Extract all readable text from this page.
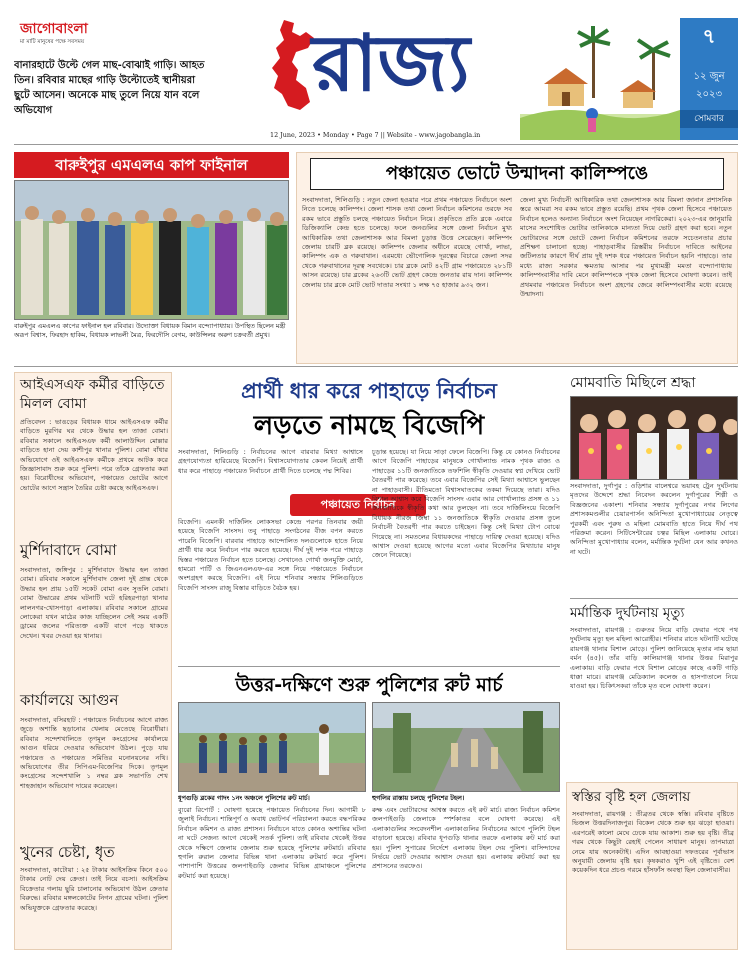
জাগোবাংলা
মা মাটি মানুষের পক্ষে সবসময়
বানারহাটে উল্টে গেল মাছ-বোঝাই গাড়ি। আহত তিন। রবিবার মাছের গাড়ি উল্টোতেই স্থানীয়রা ছুটে আসেন। অনেকে মাছ তুলে নিয়ে যান বলে অভিযোগ
রাজ্য
12 June, 2023 • Monday • Page 7 || Website - www.jagobangla.in
৭
১২ জুন
২০২৩
সোমবার
বারুইপুর এমএলএ কাপ ফাইনাল
বারুইপুর এমএলএ কাপের ফাইনাল হল রবিবার। উদ্যোক্তা বিধায়ক বিমান বন্দ্যোপাধ্যায়। উপস্থিত ছিলেন মন্ত্রী অরূপ বিশ্বাস, ফিরহাদ হাকিম, বিধায়ক লাভলী মৈত্র, ফিরদৌসি বেগম, কাউন্সিলর অরুণ চক্রবর্তী প্রমুখ।
পঞ্চায়েত ভোটে উন্মাদনা কালিম্পঙে
সংবাদদাতা, শিলিগুড়ি : নতুন জেলা হওয়ার পরে প্রথম পঞ্চায়েত নির্বাচনে অংশ নিতে চলেছে কালিম্পং। জেলা শাসক তথা জেলা নির্বাচন কমিশনের তরফে সব রকম ভাবে প্রস্তুতি চলছে পঞ্চায়েত নির্বাচন নিয়ে। প্রকৃতিতে প্রতি ব্লকে এবারে ডিজিক্যালি কেন্দ্র হতে চলেছে। ফলে জনগুলির সঙ্গে জেলা নির্বাচন মুখ্য আধিকারিক তথা জেলাশাসক আর বিমলা চুড়াত্ত উত্তে সেরেছেন। কালিম্পং জেলায় চারটি ব্লক রয়েছে। কালিম্পং জেলার অধীনে রয়েছে গোর্খা, লাভা, কালিম্পং এক ও গরুবাথান। এরমধ্যে ভৌগোলিক দূরত্বের বিচারে জেলা সদর থেকে গরুবাথানের দূরত্ব সবথেকে। চার ব্লকে মোট ৪২টি গ্রাম পঞ্চায়েতে ২৮১টি আসন রয়েছে। চার ব্লকের ২৬৩টি ভোট গ্রহণ কেন্দ্রে জনতার রায় দান। কালিম্পং জেলায় চার ব্লকে মোট ভোট দাতার সংখ্যা ১ লক্ষ ৭৫ হাজার ৯৩২ জন।
জেলা মুখ্য নির্বাচনী আধিকারিক তথা জেলাশাসক আর বিমলা জানান প্রশাসনিক স্তরে আমরা সব রকম ভাবে প্রস্তুত রয়েছি। প্রথম পৃথক জেলা হিসেবে পঞ্চায়েত নির্বাচন হলেও অন্যান্য নির্বাচনে অংশ নিয়েছেন নাগরিকেরা। ২০২৩-এর জানুয়ারি মাসের সংশোধিত ভোটার তালিকাকে মান্যতা দিয়ে ভোট গ্রহণ করা হবে। নতুন ভোটারদের সঙ্গে ভোটে জেলা নির্বাচন কমিশনের তরফে সচেতনতার প্রচার প্রশিক্ষণ চালানো হচ্ছে। পাহাড়বাসীর ত্রিস্তরীয় নির্বাচনে দাবিতে আইনের জটিলতার কারণে দীর্ঘ প্রায় দুই দশক ধরে পঞ্চায়েত নির্বাচন হয়নি পাহাড়ে। তার মধ্যে রাজ্য সরকার ক্ষমতায় আসার পর মুখ্যমন্ত্রী মমতা বন্দ্যোপাধ্যায় কালিম্পংবাসীর দাবি মেনে কালিম্পংকে পৃথক জেলা হিসেবে ঘোষণা করেন। তাই প্রথমবার পঞ্চায়েত নির্বাচনে অংশ গ্রহণের জেরে কালিম্পংবাসীর মধ্যে রয়েছে উন্মাদনা।
আইএসএফ কর্মীর বাড়িতে মিলল বোমা
প্রতিবেদন : ভাঙড়ের বিধায়ক ধামে আইএসএফ কর্মীর বাড়িতে মুরগির ঘর থেকে উদ্ধার হল তাজা বোমা। রবিবার সকালে আইএসএফ কর্মী আলাউদ্দিন মোল্লার বাড়িতে হানা দেয় কাশীপুর থানার পুলিশ। বোমা বাঁধার অভিযোগে ওই আইএসএফ কর্মীকে প্রথমে আটক করে জিজ্ঞাসাবাদ শুরু করে পুলিশ। পরে তাঁকে গ্রেফতার করা হয়। বিরোধীদের অভিযোগ, পঞ্চায়েত ভোটের আগে ভোটের আগে সন্ত্রাস তৈরির চেষ্টা করছে আইএসএফ।
মুর্শিদাবাদে বোমা
সংবাদদাতা, জঙ্গিপুর : মুর্শিদাবাদে উদ্ধার হল তাজা বোমা। রবিবার সকালে মুর্শিদাবাদ জেলা দুই প্রান্ত থেকে উদ্ধার হল প্রায় ১৫টি সকেট বোমা এবং সুতলি বোমা। বোমা উদ্ধারের প্রথম ঘটনাটি ঘটে হরিহরপাড়া থানার লালনগর-খোসপাড়া এলাকায়। রবিবার সকালে গ্রামের লোকেরা যখন মাঠের কাজ যাচ্ছিলেন সেই সময় একটি ড্রামের জলের পরিত্যক্ত একটি বাগে পড়ে থাকতে দেখেন। খবর দেওয়া হয় থানায়।
কার্যালয়ে আগুন
সংবাদদাতা, বসিরহাট : পঞ্চায়েত নির্বাচনের আগে রাজ্য জুড়ে অশান্তি ছড়ানোর খেলায় মেতেছে বিরোধীরা। রবিবার সন্দেশখালিতে তৃণমূল কংগ্রেসের কার্যালয়ে আগুন ধরিয়ে দেওয়ার অভিযোগ উঠল। পুড়ে যায় পঞ্চায়েত ও পঞ্চায়েত সমিতির মনোনয়নের নথি। অভিযোগের তীর সিপিএম-বিজেপির দিকে। তৃণমূল কংগ্রেসের সন্দেশখালি ১ নম্বর ব্লক সভাপতি শেখ শাহজাহান অভিযোগ দায়ের করেছেন।
খুনের চেষ্টা, ধৃত
সংবাদদাতা, কাটোয়া : ২৫ টাকার আইসক্রিম কিনে ৫০০ টাকার নোট দেয় ক্রেতা। তাই নিয়ে বচসা। আইসক্রিম বিক্রেতার গলায় ছুরি চালানোর অভিযোগ উঠল ক্রেতার বিরুদ্ধে। রবিবার মঙ্গলকোটের নিগন গ্রামের ঘটনা। পুলিশ অভিযুক্তকে গ্রেফতার করেছে।
প্রার্থী ধার করে পাহাড়ে নির্বাচন
লড়তে নামছে বিজেপি
সংবাদদাতা, শিলিগুড়ি : নির্বাচনের আগে বারবার মিথ্যা আশ্বাসে গ্রহণযোগ্যতা হারিয়েছে বিজেপি। বিশ্বাসযোগ্যতার কেবল নিয়েই প্রার্থী ধার করে পাহাড়ে পঞ্চায়েত নির্বাচনে প্রার্থী দিতে চলেছে পদ্ম শিবির।
পঞ্চায়েত নির্বাচন
বিজেপি। এমনকী দার্জিলিং লোকসভা কেন্দ্রে পরপর তিনবার জয়ী হয়েছে বিজেপি সাংসদ। তবু পাহাড়ে সংগঠনের বীজ বপন করতে পারেনি বিজেপি। বারবার পাহাড়ে আন্দোলিত দলগুলোকে হাতে নিয়ে প্রার্থী ধার করে নির্বাচন পার করতে হয়েছে। দীর্ঘ দুই দশক পরে পাহাড়ে দ্বিস্তর পঞ্চায়েত নির্বাচন হতে চলেছে। সেখানেও গোর্খা জনমুক্তি মোর্চা, হামরো পার্টি ও জিএনএলএফ-এর সঙ্গে নিয়ে পঞ্চায়েতে নির্বাচনে অংশগ্রহণ করছে বিজেপি। এই নিয়ে শনিবার সন্ধ্যায় শিলিগুড়িতে বিজেপি সাংসদ রাজু বিস্তার বাড়িতে বৈঠক হয়।
চূড়ান্ত হয়েছে। যা নিয়ে সাড়া ফেলে বিজেপি। কিন্তু যে কোনও নির্বাচনের আগে বিজেপি পাহাড়ের মানুষকে গোর্খাল্যান্ড নামক পৃথক রাজ্য ও পাহাড়ের ১১টি জনজাতিকে তফশিলি স্বীকৃতি দেওয়ার স্বপ্ন দেখিয়ে ভোট বৈতরণী পার করেছে। তবে এবার বিজেপির সেই মিথ্যা আশ্বাসে ভুলছেন না পাহাড়বাসী। রীতিমতো বিশ্বাসঘাতকের তকমা দিয়েছে তারা। যদিও বিশাল আশ্বাস করে বিজেপি সাংসদ এবার আর গোর্খাল্যান্ড প্রসঙ্গ ও ১১ জনজাতিকে স্বীকৃতি কথা আর তুলছেন না। তবে দার্জিলিংয়ে বিজেপি বিধায়ক নীরজ জিম্বা ১১ জনজাতিকে স্বীকৃতি দেওয়ার প্রসঙ্গ তুলে নির্বাচনী বৈতরণী পার করতে চাইছেন। কিন্তু সেই মিথ্যা টোপ বোঝে গিয়েছে না। সমতলের বিধায়কদের পাহাড়ে দায়িত্ব দেওয়া হয়েছে। যদিও আশ্বাস দেওয়া হয়েছে আগের মতো এবার বিজেপির মিথ্যাচার মানুষ জেনে গিয়েছে।
উত্তর-দক্ষিণে শুরু পুলিশের রুট মার্চ
ধূপগুড়ি ব্লকের গাদং ১নং অঞ্চলে পুলিশের রুট মার্চ।	হুগলির রাস্তায় চলছে পুলিশের টহল।
ব্যুরো রিপোর্ট : ঘোষণা হয়েছে পঞ্চায়েত নির্বাচনের দিন। আগামী ৮ জুলাই নির্বাচন। শান্তিপূর্ণ ও অবাধ ভোটপর্ব পরিচালনা করতে বদ্ধপরিকর নির্বাচন কমিশন ও রাজ্য প্রশাসন। নির্বাচনে যাতে কোনও অশান্তির ঘটনা না ঘটে সেজন্য আগে থেকেই সতর্ক পুলিশ। তাই রবিবার থেকেই উত্তর থেকে দক্ষিণে জেলায় জেলায় শুরু হয়েছে পুলিশের রুটমার্চ। রবিবার হুগলি রুরাল জেলার বিভিন্ন থানা এলাকায় রুটমার্চ করে পুলিশ। পাশাপাশি উত্তরের জলপাইগুড়ি জেলার বিভিন্ন গ্রামাঞ্চলে পুলিশের রুটমার্চ করা হয়েছে।
রুক্ষ এবং ভোটারদের আশ্বস্ত করতে এই রুট মার্চ। রাজ্য নির্বাচন কমিশন জলপাইগুড়ি জেলাকে স্পর্শকাতর বলে ঘোষণা করেছে। এই এলাকাগুলির সংবেদনশীল এলাকাগুলির নির্বাচনের আগে পুলিশি টহল বাড়ানো হয়েছে। রবিবার ধূপগুড়ি থানার তরফে এলাকায় রুট মার্চ করা হয়। পুলিশ সুপারের নির্দেশে এলাকায় টহল দেয় পুলিশ। বাসিন্দাদের নির্ভয়ে ভোট দেওয়ার আশ্বাস দেওয়া হয়। এলাকায় রুটমার্চ করা হয় প্রশাসনের তরফেও।
মোমবাতি মিছিলে শ্রদ্ধা
সংবাদদাতা, দুর্গাপুর : ওড়িশার বালেশ্বরে ভয়াবহ ট্রেন দুর্ঘটনায় মৃতদের উদ্দেশে শ্রদ্ধা নিবেদন করলেন দুর্গাপুরের শিল্পী ও বিজ্ঞজনের একাংশ। শনিবার সন্ধ্যায় দুর্গাপুরের নগর লিগের প্রশাসকমণ্ডলীর চেয়ারপার্সন অনিন্দিতা মুখোপাধ্যায়ের নেতৃত্বে পুরকর্মী এবং পুরুষ ও মহিলা মোমবাতি হাতে নিয়ে দীর্ঘ পথ পরিক্রমা করেন। সিটিসেন্টারের চত্বর মিছিল এলাকায় ঘোরে। অনিন্দিতা মুখোপাধ্যায় বলেন, মর্মান্তিক দুর্ঘটনা যেন আর কখনও না ঘটে।
মর্মান্তিক দুর্ঘটনায় মৃত্যু
সংবাদদাতা, রায়গঞ্জ : গুরুতর নিয়ে বাড়ি ফেরার পথে পথ দুর্ঘটনায় মৃত্যু হল মহিলা আরোহীর। শনিবার রাতে ঘটনাটি ঘটেছে রায়গঞ্জ থানার বিশাল মোড়ে। পুলিশ জানিয়েছে মৃতার নাম ছায়া বর্মন (৪৫)। তাঁর বাড়ি কালিয়াগঞ্জ থানার উত্তর মিরাপুর এলাকায়। বাড়ি ফেরার পথে বিশাল মোড়ের কাছে একটি গাড়ি ধাক্কা মারে। রায়গঞ্জ মেডিক্যাল কলেজ ও হাসপাতালে নিয়ে যাওয়া হয়। চিকিৎসকরা তাঁকে মৃত বলে ঘোষণা করেন।
স্বস্তির বৃষ্টি হল জেলায়
সংবাদদাতা, রায়গঞ্জ : তীব্রতর থেকে স্বস্তি। রবিবার বৃষ্টিতে ভিজল উত্তরদিনাজপুর। বিকেল থেকে শুরু হয় ঝড়ো হাওয়া। এরপরেই কালো মেঘে ঢেকে যায় আকাশ। শুরু হয় বৃষ্টি। তীব্র গরম থেকে কিছুটা রেহাই পেলেন সাধারণ মানুষ। তাপমাত্রা নেমে যায় অনেকটাই। এদিন আবহাওয়া দফতরের পূর্বাভাস অনুযায়ী জেলায় বৃষ্টি হয়। কৃষকরাও খুশি এই বৃষ্টিতে। বেশ কয়েকদিন ধরে প্রচণ্ড গরমে হাঁসফাঁস অবস্থা ছিল জেলাবাসীর।
